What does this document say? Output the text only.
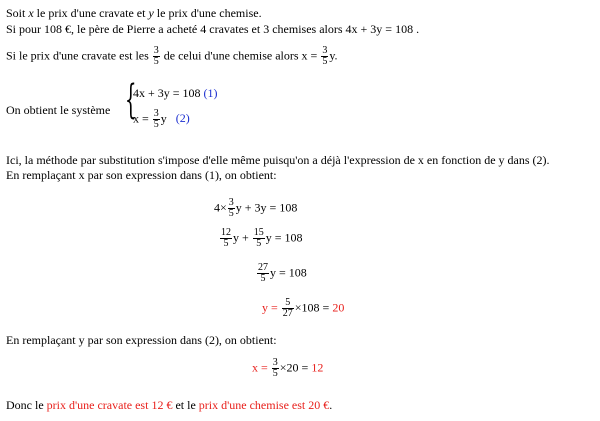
Soit x le prix d'une cravate et y le prix d'une chemise.
Si pour 108 €, le père de Pierre a acheté 4 cravates et 3 chemises alors 4x + 3y = 108 .
Si le prix d'une cravate est les $\frac{3}{5}$ de celui d'une chemise alors $x = \frac{3}{5} y$.
On obtient le système {
4x + 3y = 108 (1)
$x = \frac{3}{5}$ y (2)
Ici, la méthode par substitution s'impose d'elle même puisqu'on a déjà l'expression de x en fonction de y dans (2).
En remplaçant x par son expression dans (1), on obtient:
$4\times \frac{3}{5}$ y + 3y = 108
$\frac{12}{5}$ $y + \frac{15}{5}$ y = 108
$\frac{27}{5}$ y = 108
$y = \frac{5}{27} \times 108 = 20$
En remplaçant y par son expression dans (2), on obtient:
$x = \frac{3}{5} \times 20 = 12$
Donc le prix d'une cravate est 12 € et le prix d'une chemise est 20 €.
